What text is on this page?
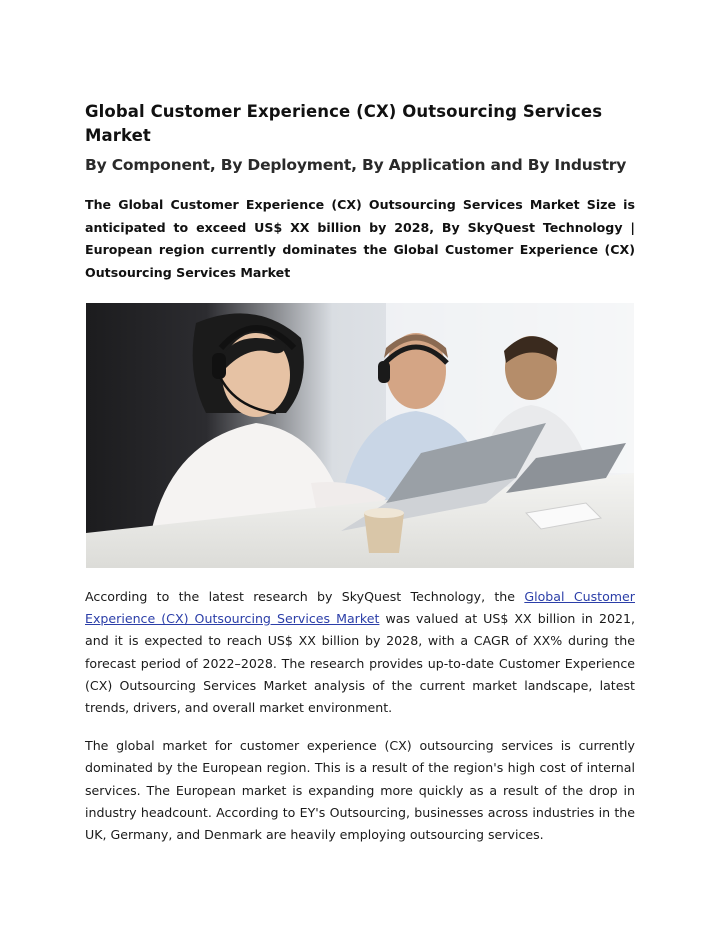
Global Customer Experience (CX) Outsourcing Services Market
By Component, By Deployment, By Application and By Industry

The Global Customer Experience (CX) Outsourcing Services Market Size is anticipated to exceed US$ XX billion by 2028, By SkyQuest Technology | European region currently dominates the Global Customer Experience (CX) Outsourcing Services Market

According to the latest research by SkyQuest Technology, the Global Customer Experience (CX) Outsourcing Services Market was valued at US$ XX billion in 2021, and it is expected to reach US$ XX billion by 2028, with a CAGR of XX% during the forecast period of 2022–2028. The research provides up-to-date Customer Experience (CX) Outsourcing Services Market analysis of the current market landscape, latest trends, drivers, and overall market environment.

The global market for customer experience (CX) outsourcing services is currently dominated by the European region. This is a result of the region's high cost of internal services. The European market is expanding more quickly as a result of the drop in industry headcount. According to EY's Outsourcing, businesses across industries in the UK, Germany, and Denmark are heavily employing outsourcing services.
